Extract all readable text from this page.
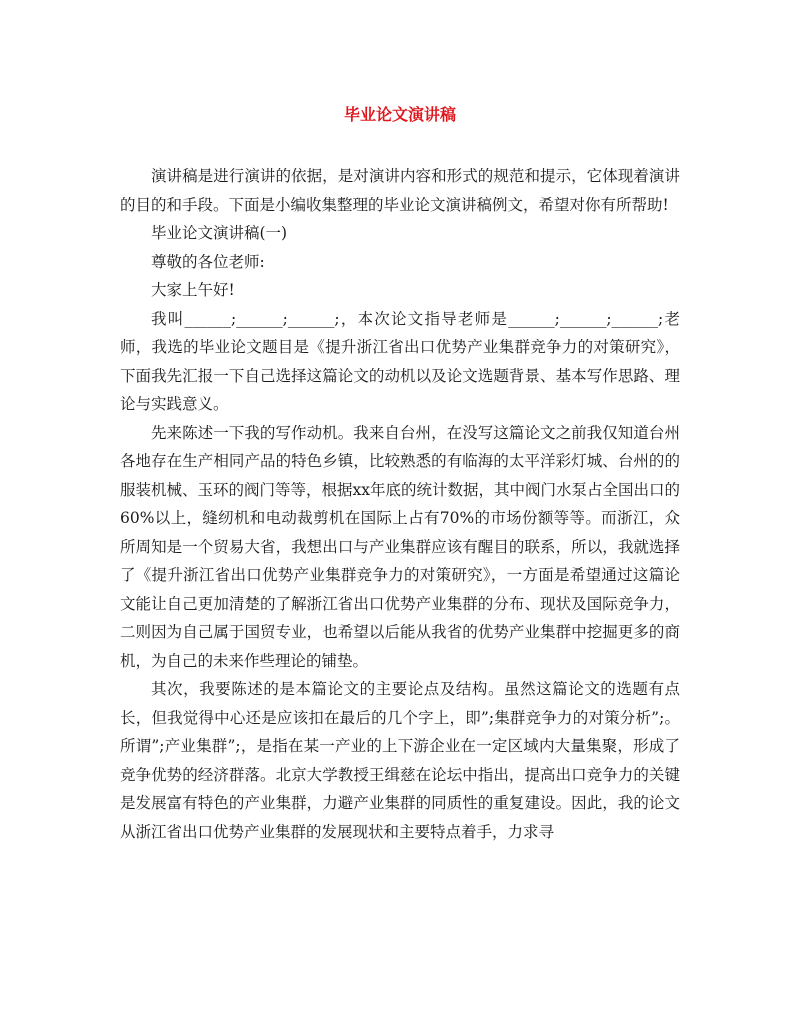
毕业论文演讲稿

演讲稿是进行演讲的依据，是对演讲内容和形式的规范和提示，它体现着演讲的目的和手段。下面是小编收集整理的毕业论文演讲稿例文，希望对你有所帮助!

毕业论文演讲稿(一)

尊敬的各位老师:

大家上午好!

我叫______;______;______;，本次论文指导老师是______;______;______;老师，我选的毕业论文题目是《提升浙江省出口优势产业集群竞争力的对策研究》，下面我先汇报一下自己选择这篇论文的动机以及论文选题背景、基本写作思路、理论与实践意义。

先来陈述一下我的写作动机。我来自台州，在没写这篇论文之前我仅知道台州各地存在生产相同产品的特色乡镇，比较熟悉的有临海的太平洋彩灯城、台州的的服装机械、玉环的阀门等等，根据xx年底的统计数据，其中阀门水泵占全国出口的60%以上，缝纫机和电动裁剪机在国际上占有70%的市场份额等等。而浙江，众所周知是一个贸易大省，我想出口与产业集群应该有醒目的联系，所以，我就选择了《提升浙江省出口优势产业集群竞争力的对策研究》，一方面是希望通过这篇论文能让自己更加清楚的了解浙江省出口优势产业集群的分布、现状及国际竞争力，二则因为自己属于国贸专业，也希望以后能从我省的优势产业集群中挖掘更多的商机，为自己的未来作些理论的铺垫。

其次，我要陈述的是本篇论文的主要论点及结构。虽然这篇论文的选题有点长，但我觉得中心还是应该扣在最后的几个字上，即”;集群竞争力的对策分析”;。 所谓”;产业集群”;，是指在某一产业的上下游企业在一定区域内大量集聚，形成了竞争优势的经济群落。北京大学教授王缉慈在论坛中指出，提高出口竞争力的关键是发展富有特色的产业集群，力避产业集群的同质性的重复建设。因此，我的论文从浙江省出口优势产业集群的发展现状和主要特点着手，力求寻
